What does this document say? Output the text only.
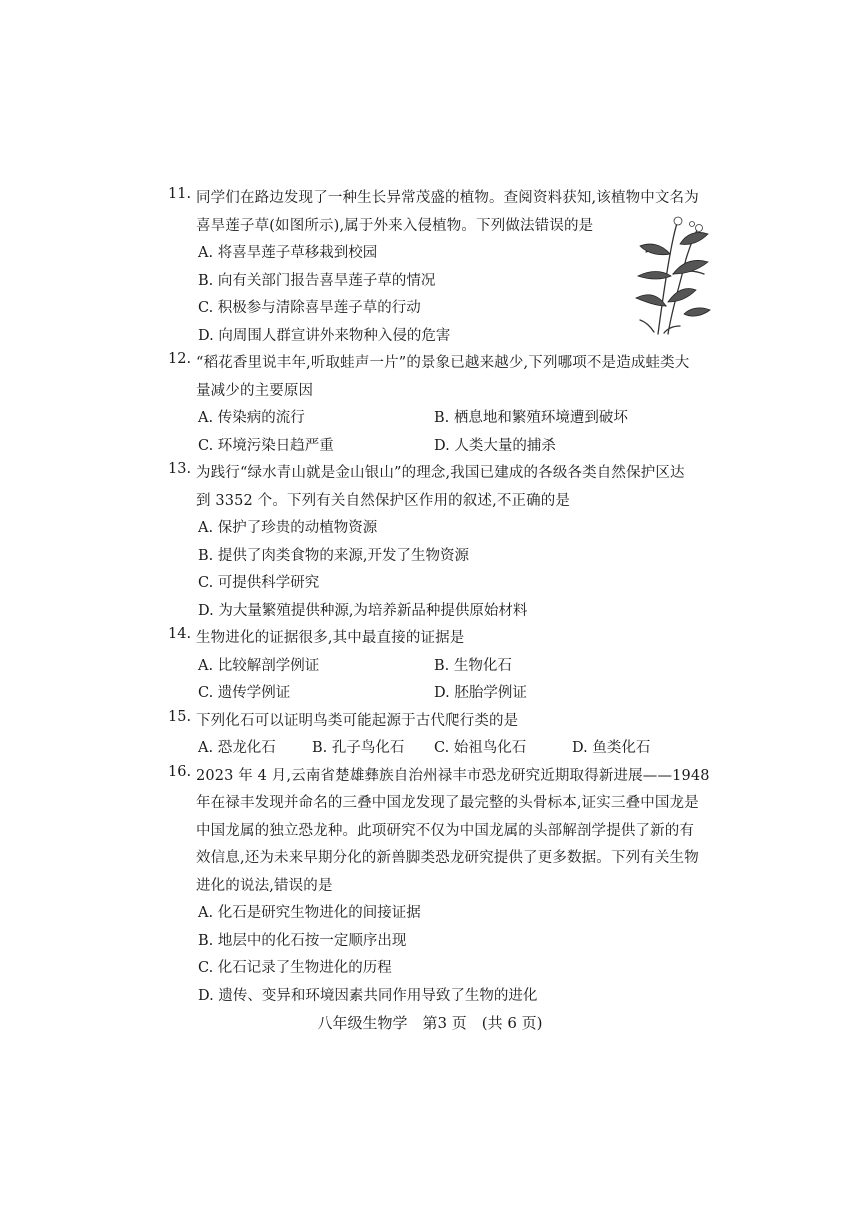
11. 同学们在路边发现了一种生长异常茂盛的植物。查阅资料获知,该植物中文名为
喜旱莲子草(如图所示),属于外来入侵植物。下列做法错误的是
A. 将喜旱莲子草移栽到校园
B. 向有关部门报告喜旱莲子草的情况
C. 积极参与清除喜旱莲子草的行动
D. 向周围人群宣讲外来物种入侵的危害
12. “稻花香里说丰年,听取蛙声一片”的景象已越来越少,下列哪项不是造成蛙类大
量减少的主要原因
A. 传染病的流行	B. 栖息地和繁殖环境遭到破坏
C. 环境污染日趋严重	D. 人类大量的捕杀
13. 为践行“绿水青山就是金山银山”的理念,我国已建成的各级各类自然保护区达
到 3352 个。下列有关自然保护区作用的叙述,不正确的是
A. 保护了珍贵的动植物资源
B. 提供了肉类食物的来源,开发了生物资源
C. 可提供科学研究
D. 为大量繁殖提供种源,为培养新品种提供原始材料
14. 生物进化的证据很多,其中最直接的证据是
A. 比较解剖学例证	B. 生物化石
C. 遗传学例证	D. 胚胎学例证
15. 下列化石可以证明鸟类可能起源于古代爬行类的是
A. 恐龙化石	B. 孔子鸟化石 C. 始祖鸟化石	D. 鱼类化石
16. 2023 年 4 月,云南省楚雄彝族自治州禄丰市恐龙研究近期取得新进展——1948
年在禄丰发现并命名的三叠中国龙发现了最完整的头骨标本,证实三叠中国龙是
中国龙属的独立恐龙种。此项研究不仅为中国龙属的头部解剖学提供了新的有
效信息,还为未来早期分化的新兽脚类恐龙研究提供了更多数据。下列有关生物
进化的说法,错误的是
A. 化石是研究生物进化的间接证据
B. 地层中的化石按一定顺序出现
C. 化石记录了生物进化的历程
D. 遗传、变异和环境因素共同作用导致了生物的进化
八年级生物学　第3 页　(共 6 页)
